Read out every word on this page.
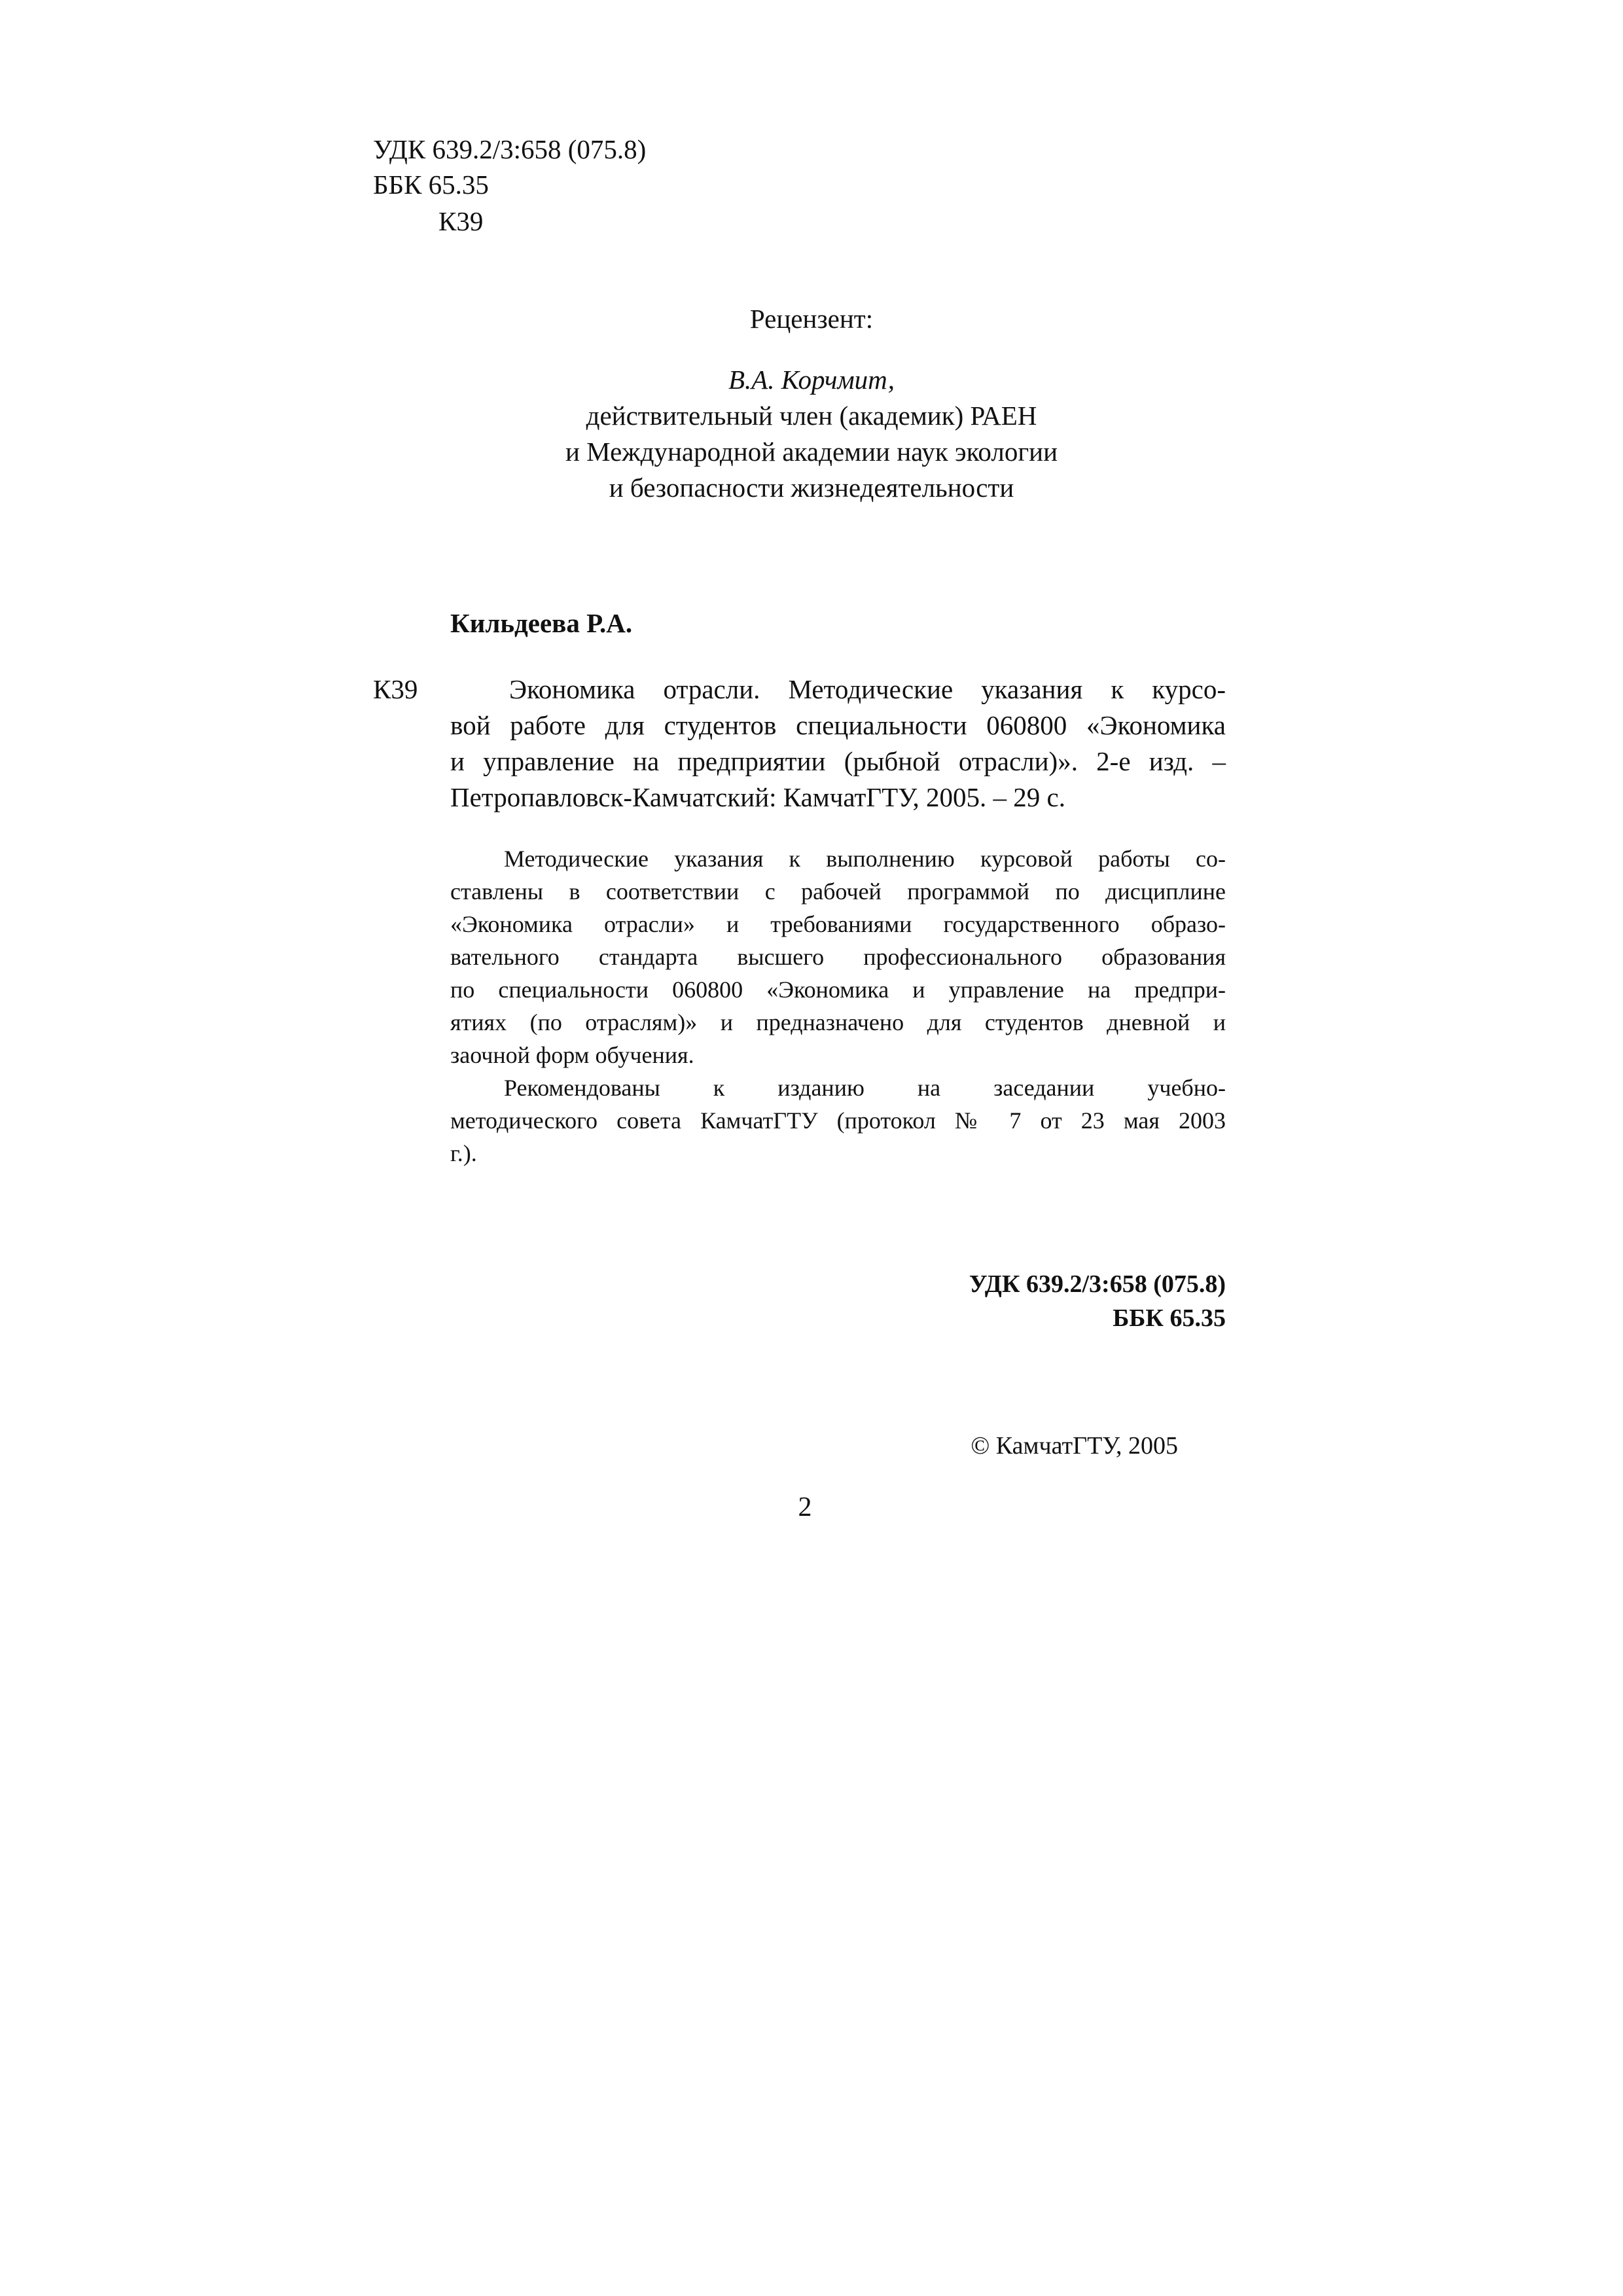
УДК 639.2/3:658 (075.8)
ББК 65.35
К39
Рецензент:
В.А. Корчмит,
действительный член (академик) РАЕН
и Международной академии наук экологии
и безопасности жизнедеятельности
Кильдеева Р.А.
К39	Экономика отрасли. Методические указания к курсо-
вой работе для студентов специальности 060800 «Экономика
и управление на предприятии (рыбной отрасли)». 2-е изд. –
Петропавловск-Камчатский: КамчатГТУ, 2005. – 29 с.
Методические указания к выполнению курсовой работы со-
ставлены в соответствии с рабочей программой по дисциплине
«Экономика отрасли» и требованиями государственного образо-
вательного стандарта высшего профессионального образования
по специальности 060800 «Экономика и управление на предпри-
ятиях (по отраслям)» и предназначено для студентов дневной и
заочной форм обучения.
Рекомендованы к изданию на заседании учебно-
методического совета КамчатГТУ (протокол № 7 от 23 мая 2003
г.).
УДК 639.2/3:658 (075.8)
ББК 65.35
© КамчатГТУ, 2005
2
